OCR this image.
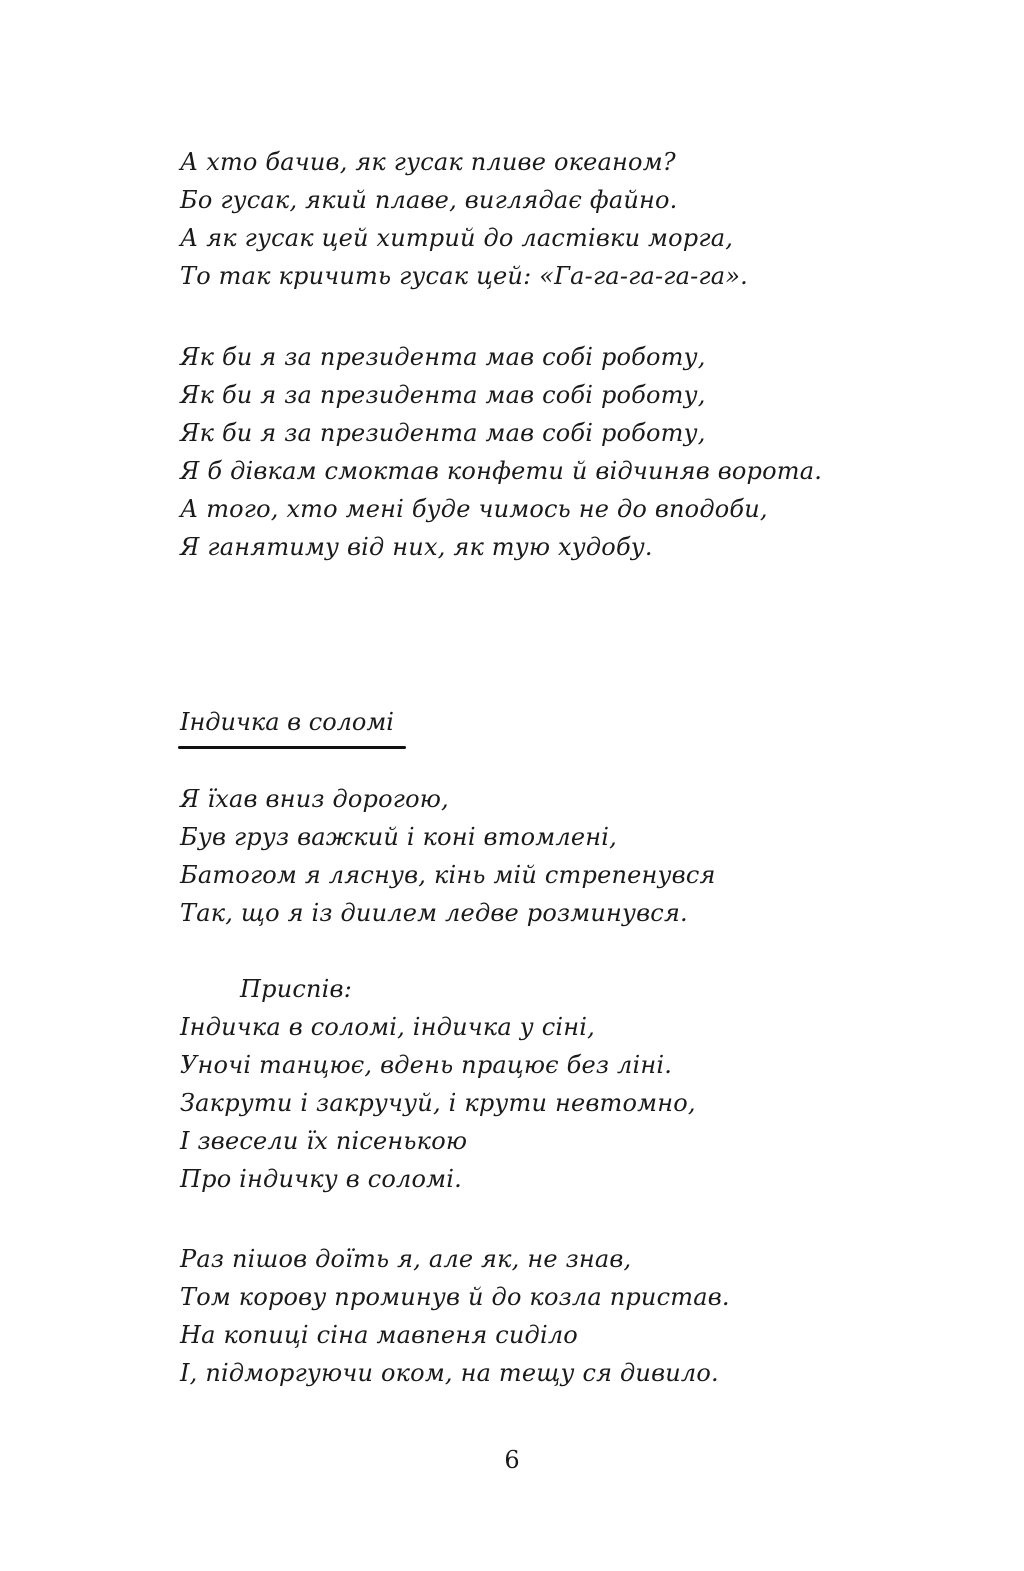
А хто бачив, як гусак пливе океаном?
Бо гусак, який плаве, виглядає файно.
А як гусак цей хитрий до ластівки морга,
То так кричить гусак цей: «Га-га-га-га-га».
Як би я за президента мав собі роботу,
Як би я за президента мав собі роботу,
Як би я за президента мав собі роботу,
Я б дівкам смоктав конфети й відчиняв ворота.
А того, хто мені буде чимось не до вподоби,
Я ганятиму від них, як тую худобу.
Індичка в соломі
Я їхав вниз дорогою,
Був груз важкий і коні втомлені,
Батогом я ляснув, кінь мій стрепенувся
Так, що я із диилем ледве розминувся.
Приспів:
Індичка в соломі, індичка у сіні,
Уночі танцює, вдень працює без ліні.
Закрути і закручуй, і крути невтомно,
І звесели їх пісенькою
Про індичку в соломі.
Раз пішов доїть я, але як, не знав,
Том корову проминув й до козла пристав.
На копиці сіна мавпеня сиділо
І, підморгуючи оком, на тещу ся дивило.
6
